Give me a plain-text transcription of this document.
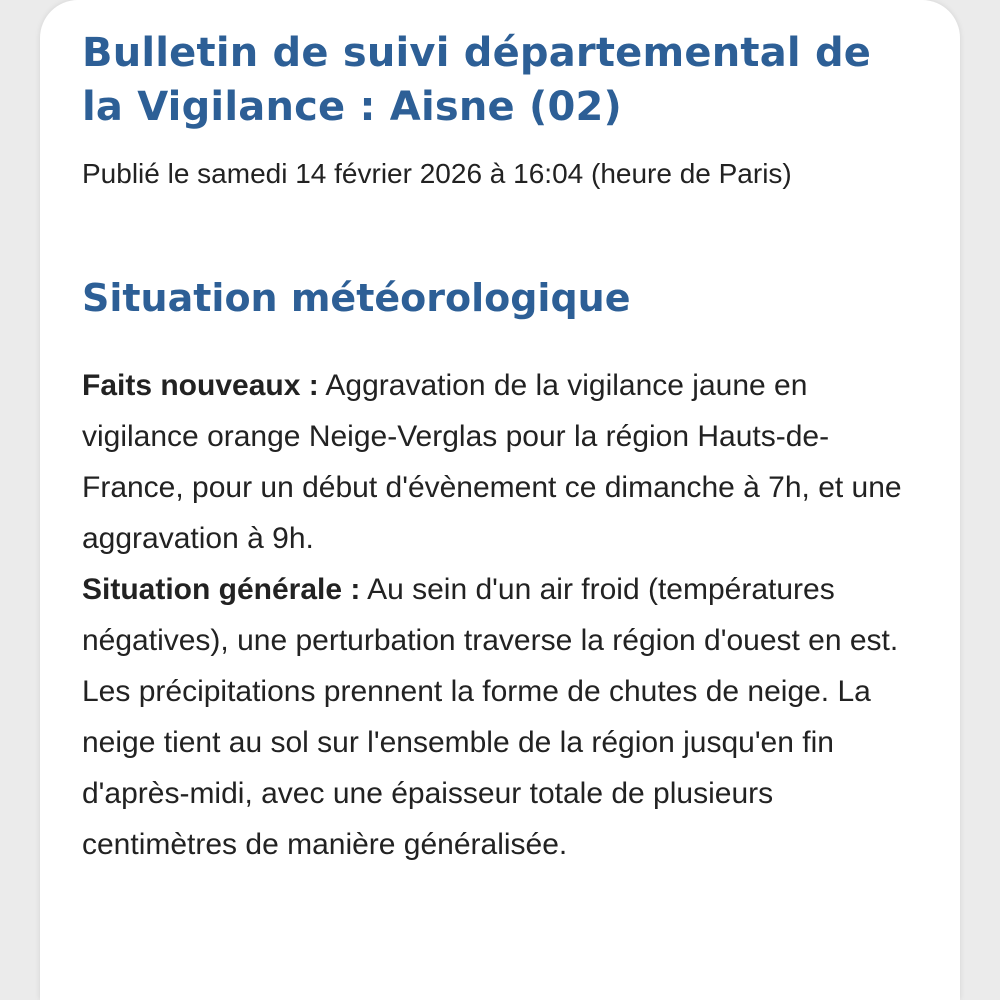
Bulletin de suivi départemental de la Vigilance : Aisne (02)

Publié le samedi 14 février 2026 à 16:04 (heure de Paris)

Situation météorologique

Faits nouveaux : Aggravation de la vigilance jaune en vigilance orange Neige-Verglas pour la région Hauts-de-France, pour un début d'évènement ce dimanche à 7h, et une aggravation à 9h.

Situation générale : Au sein d'un air froid (températures négatives), une perturbation traverse la région d'ouest en est. Les précipitations prennent la forme de chutes de neige. La neige tient au sol sur l'ensemble de la région jusqu'en fin d'après-midi, avec une épaisseur totale de plusieurs centimètres de manière généralisée.
